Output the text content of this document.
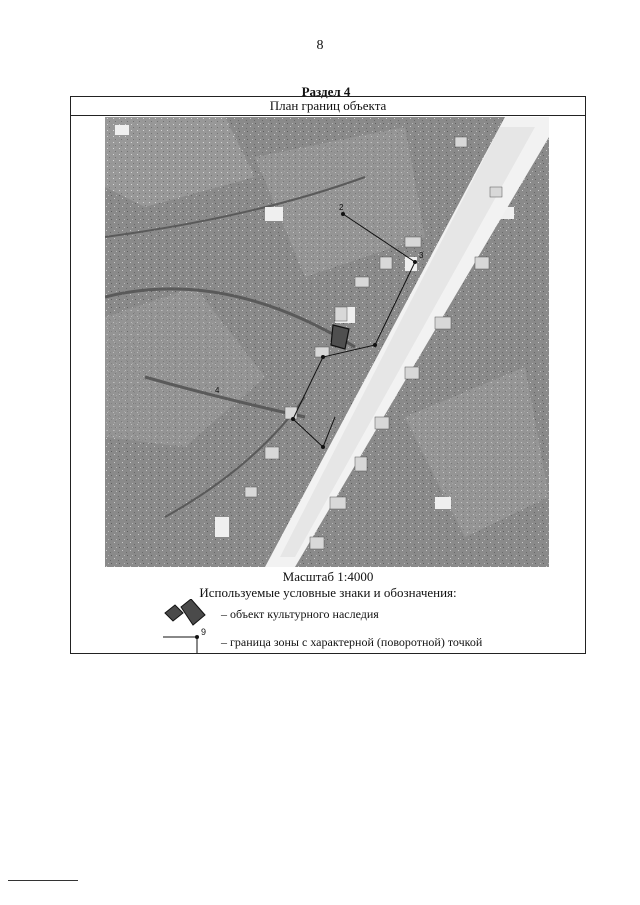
8
Раздел 4
План границ объекта
2
3
4
Масштаб 1:4000
Используемые условные знаки и обозначения:
– объект культурного наследия
9
– граница зоны с характерной (поворотной) точкой
